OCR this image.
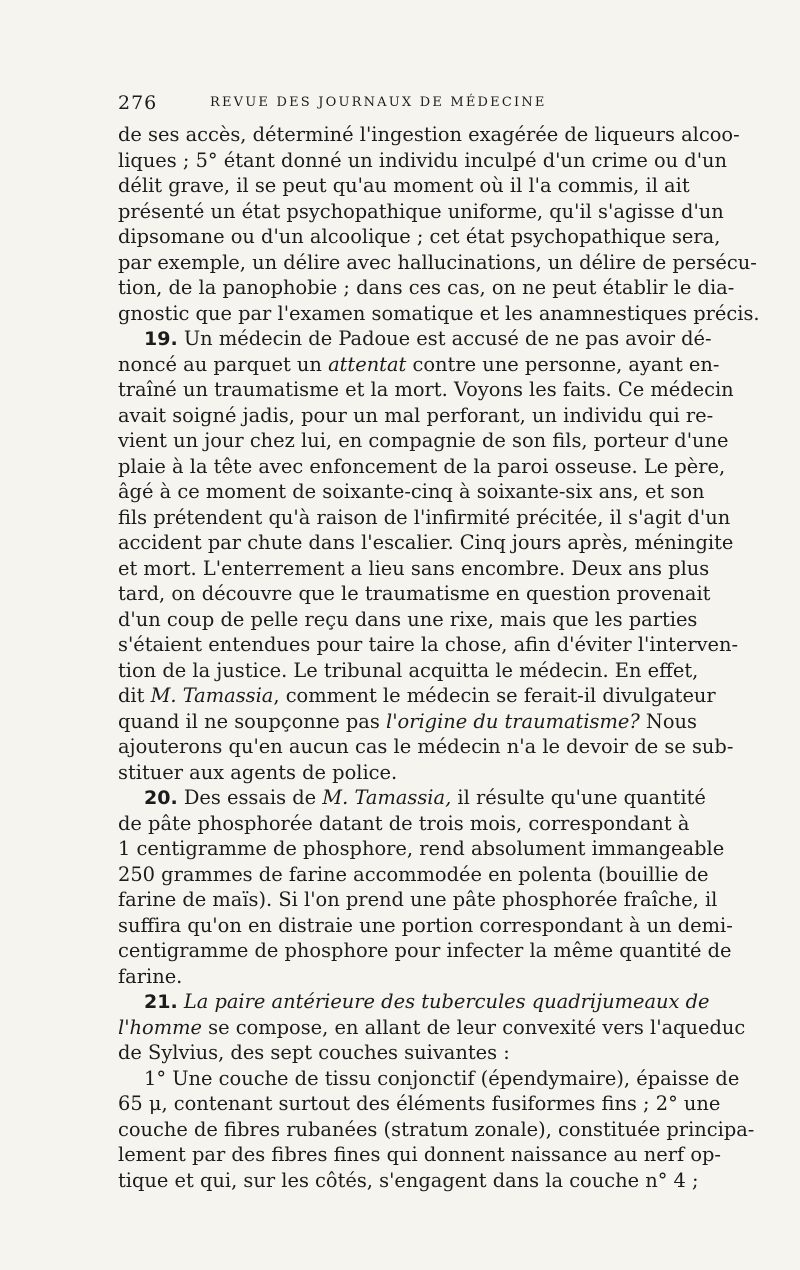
276	REVUE DES JOURNAUX DE MÉDECINE
de ses accès, déterminé l'ingestion exagérée de liqueurs alcoo-
liques ; 5° étant donné un individu inculpé d'un crime ou d'un
délit grave, il se peut qu'au moment où il l'a commis, il ait
présenté un état psychopathique uniforme, qu'il s'agisse d'un
dipsomane ou d'un alcoolique ; cet état psychopathique sera,
par exemple, un délire avec hallucinations, un délire de persécu-
tion, de la panophobie ; dans ces cas, on ne peut établir le dia-
gnostic que par l'examen somatique et les anamnestiques précis.
19. Un médecin de Padoue est accusé de ne pas avoir dé-
noncé au parquet un attentat contre une personne, ayant en-
traîné un traumatisme et la mort. Voyons les faits. Ce médecin
avait soigné jadis, pour un mal perforant, un individu qui re-
vient un jour chez lui, en compagnie de son fils, porteur d'une
plaie à la tête avec enfoncement de la paroi osseuse. Le père,
âgé à ce moment de soixante-cinq à soixante-six ans, et son
fils prétendent qu'à raison de l'infirmité précitée, il s'agit d'un
accident par chute dans l'escalier. Cinq jours après, méningite
et mort. L'enterrement a lieu sans encombre. Deux ans plus
tard, on découvre que le traumatisme en question provenait
d'un coup de pelle reçu dans une rixe, mais que les parties
s'étaient entendues pour taire la chose, afin d'éviter l'interven-
tion de la justice. Le tribunal acquitta le médecin. En effet,
dit M. Tamassia, comment le médecin se ferait-il divulgateur
quand il ne soupçonne pas l'origine du traumatisme? Nous
ajouterons qu'en aucun cas le médecin n'a le devoir de se sub-
stituer aux agents de police.
20. Des essais de M. Tamassia, il résulte qu'une quantité
de pâte phosphorée datant de trois mois, correspondant à
1 centigramme de phosphore, rend absolument immangeable
250 grammes de farine accommodée en polenta (bouillie de
farine de maïs). Si l'on prend une pâte phosphorée fraîche, il
suffira qu'on en distraie une portion correspondant à un demi-
centigramme de phosphore pour infecter la même quantité de
farine.
21. La paire antérieure des tubercules quadrijumeaux de
l'homme se compose, en allant de leur convexité vers l'aqueduc
de Sylvius, des sept couches suivantes :
1° Une couche de tissu conjonctif (épendymaire), épaisse de
65 μ, contenant surtout des éléments fusiformes fins ; 2° une
couche de fibres rubanées (stratum zonale), constituée principa-
lement par des fibres fines qui donnent naissance au nerf op-
tique et qui, sur les côtés, s'engagent dans la couche n° 4 ;
